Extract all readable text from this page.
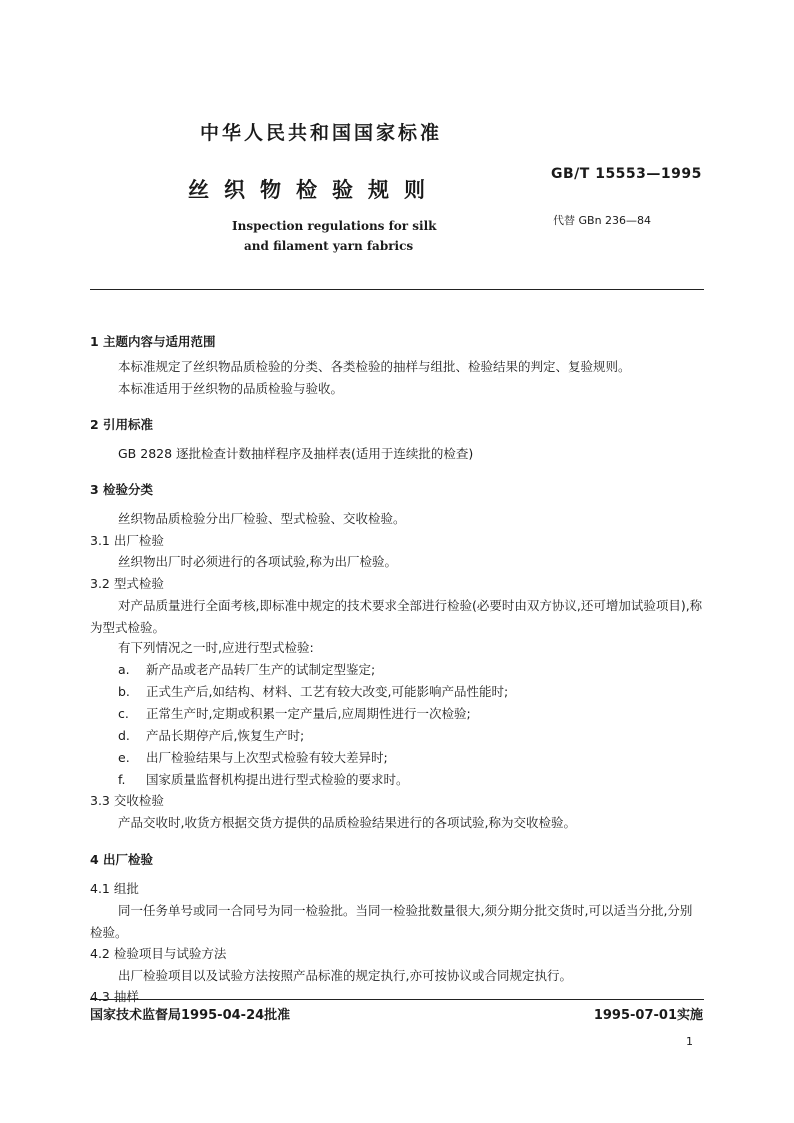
中华人民共和国国家标准
丝织物检验规则
Inspection regulations for silk
and filament yarn fabrics
GB/T 15553—1995
代替 GBn 236—84
1 主题内容与适用范围
本标准规定了丝织物品质检验的分类、各类检验的抽样与组批、检验结果的判定、复验规则。
本标准适用于丝织物的品质检验与验收。
2 引用标准
GB 2828 逐批检查计数抽样程序及抽样表(适用于连续批的检查)
3 检验分类
丝织物品质检验分出厂检验、型式检验、交收检验。
3.1 出厂检验
丝织物出厂时必须进行的各项试验,称为出厂检验。
3.2 型式检验
对产品质量进行全面考核,即标准中规定的技术要求全部进行检验(必要时由双方协议,还可增加试验项目),称为型式检验。
有下列情况之一时,应进行型式检验:
a. 新产品或老产品转厂生产的试制定型鉴定;
b. 正式生产后,如结构、材料、工艺有较大改变,可能影响产品性能时;
c. 正常生产时,定期或积累一定产量后,应周期性进行一次检验;
d. 产品长期停产后,恢复生产时;
e. 出厂检验结果与上次型式检验有较大差异时;
f. 国家质量监督机构提出进行型式检验的要求时。
3.3 交收检验
产品交收时,收货方根据交货方提供的品质检验结果进行的各项试验,称为交收检验。
4 出厂检验
4.1 组批
同一任务单号或同一合同号为同一检验批。当同一检验批数量很大,须分期分批交货时,可以适当分批,分别检验。
4.2 检验项目与试验方法
出厂检验项目以及试验方法按照产品标准的规定执行,亦可按协议或合同规定执行。
4.3 抽样
国家技术监督局1995-04-24批准	1995-07-01实施
1
